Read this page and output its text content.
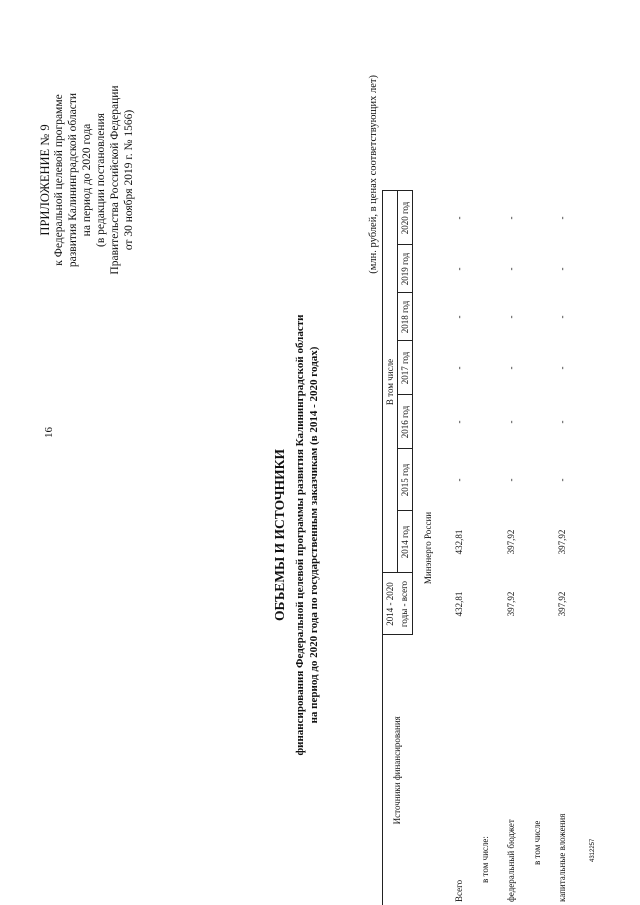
16
4312257
ПРИЛОЖЕНИЕ № 9 к Федеральной целевой программе развития Калининградской области на период до 2020 года (в редакции постановления Правительства Российской Федерации от 30 ноября 2019 г. № 1566)
ОБЪЕМЫ И ИСТОЧНИКИ финансирования Федеральной целевой программы развития Калининградской области на период до 2020 года по государственным заказчикам (в 2014 - 2020 годах)
(млн. рублей, в ценах соответствующих лет)
Источники финансирования	2014 - 2020	В том числе						
	годы - всего	2014 год	2015 год	2016 год	2017 год	2018 год	2019 год	2020 год
Минэнерго России								
Всего	432,81	432,81	-	-	-	-	-	-
в том числе:								
федеральный бюджет	397,92	397,92	-	-	-	-	-	-
в том числе								
капитальные вложения	397,92	397,92	-	-	-	-	-	-
